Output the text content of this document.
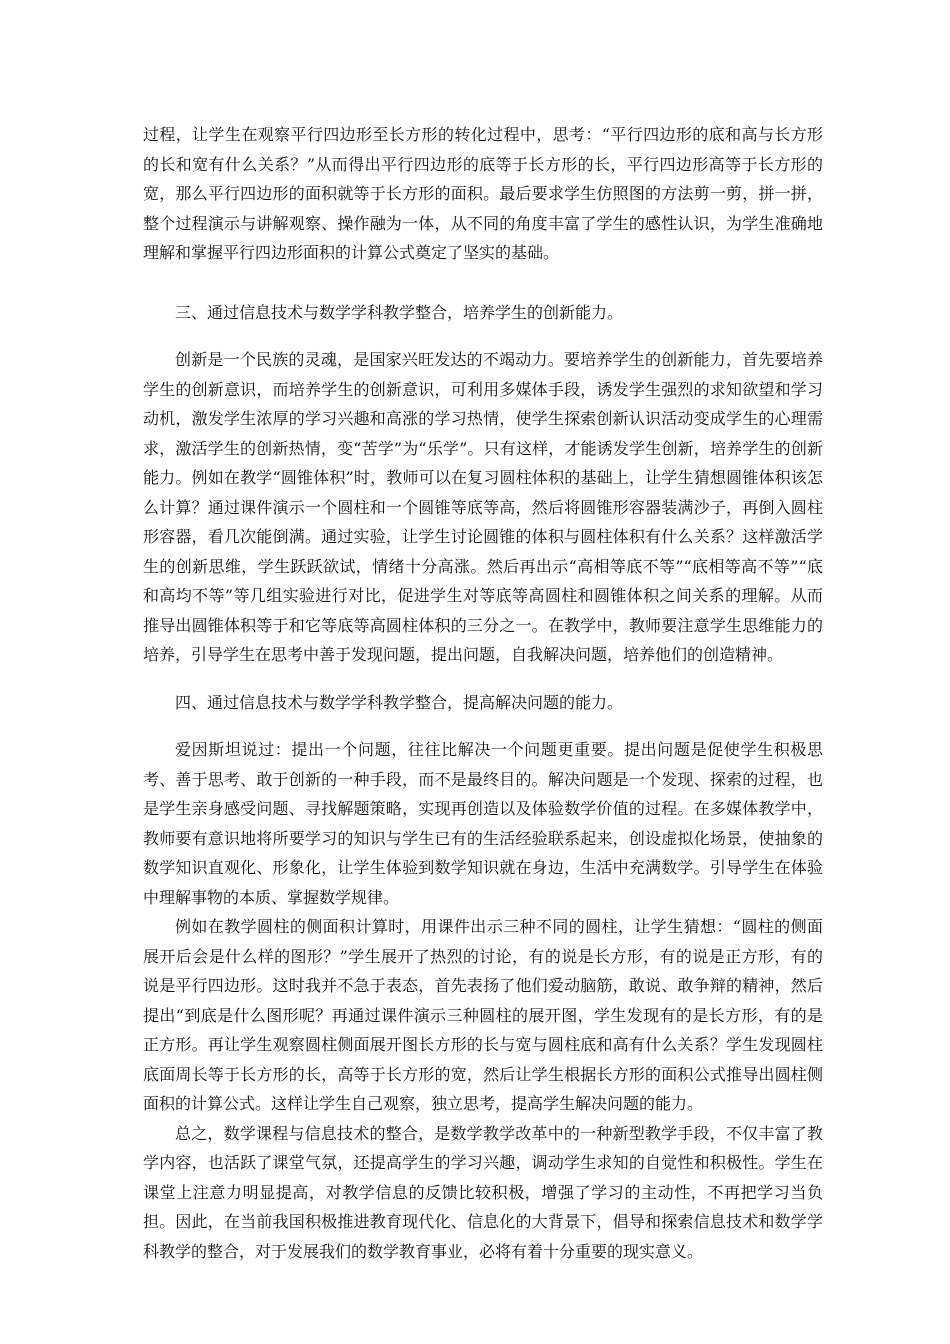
过程，让学生在观察平行四边形至长方形的转化过程中，思考：“平行四边形的底和高与长方形的长和宽有什么关系？”从而得出平行四边形的底等于长方形的长，平行四边形高等于长方形的宽，那么平行四边形的面积就等于长方形的面积。最后要求学生仿照图的方法剪一剪，拼一拼，整个过程演示与讲解观察、操作融为一体，从不同的角度丰富了学生的感性认识，为学生准确地理解和掌握平行四边形面积的计算公式奠定了坚实的基础。

三、通过信息技术与数学学科教学整合，培养学生的创新能力。

创新是一个民族的灵魂，是国家兴旺发达的不竭动力。要培养学生的创新能力，首先要培养学生的创新意识，而培养学生的创新意识，可利用多媒体手段，诱发学生强烈的求知欲望和学习动机，激发学生浓厚的学习兴趣和高涨的学习热情，使学生探索创新认识活动变成学生的心理需求，激活学生的创新热情，变“苦学”为“乐学”。只有这样，才能诱发学生创新，培养学生的创新能力。例如在教学“圆锥体积”时，教师可以在复习圆柱体积的基础上，让学生猜想圆锥体积该怎么计算？通过课件演示一个圆柱和一个圆锥等底等高，然后将圆锥形容器装满沙子，再倒入圆柱形容器，看几次能倒满。通过实验，让学生讨论圆锥的体积与圆柱体积有什么关系？这样激活学生的创新思维，学生跃跃欲试，情绪十分高涨。然后再出示“高相等底不等”“底相等高不等”“底和高均不等”等几组实验进行对比，促进学生对等底等高圆柱和圆锥体积之间关系的理解。从而推导出圆锥体积等于和它等底等高圆柱体积的三分之一。在教学中，教师要注意学生思维能力的培养，引导学生在思考中善于发现问题，提出问题，自我解决问题，培养他们的创造精神。

四、通过信息技术与数学学科教学整合，提高解决问题的能力。

爱因斯坦说过：提出一个问题，往往比解决一个问题更重要。提出问题是促使学生积极思考、善于思考、敢于创新的一种手段，而不是最终目的。解决问题是一个发现、探索的过程，也是学生亲身感受问题、寻找解题策略，实现再创造以及体验数学价值的过程。在多媒体教学中，教师要有意识地将所要学习的知识与学生已有的生活经验联系起来，创设虚拟化场景，使抽象的数学知识直观化、形象化，让学生体验到数学知识就在身边，生活中充满数学。引导学生在体验中理解事物的本质、掌握数学规律。

例如在教学圆柱的侧面积计算时，用课件出示三种不同的圆柱，让学生猜想：“圆柱的侧面展开后会是什么样的图形？”学生展开了热烈的讨论，有的说是长方形，有的说是正方形，有的说是平行四边形。这时我并不急于表态，首先表扬了他们爱动脑筋，敢说、敢争辩的精神，然后提出“到底是什么图形呢？再通过课件演示三种圆柱的展开图，学生发现有的是长方形，有的是正方形。再让学生观察圆柱侧面展开图长方形的长与宽与圆柱底和高有什么关系？学生发现圆柱底面周长等于长方形的长，高等于长方形的宽，然后让学生根据长方形的面积公式推导出圆柱侧面积的计算公式。这样让学生自己观察，独立思考，提高学生解决问题的能力。

总之，数学课程与信息技术的整合，是数学教学改革中的一种新型教学手段，不仅丰富了教学内容，也活跃了课堂气氛，还提高学生的学习兴趣，调动学生求知的自觉性和积极性。学生在课堂上注意力明显提高，对教学信息的反馈比较积极，增强了学习的主动性，不再把学习当负担。因此，在当前我国积极推进教育现代化、信息化的大背景下，倡导和探索信息技术和数学学科教学的整合，对于发展我们的数学教育事业，必将有着十分重要的现实意义。
